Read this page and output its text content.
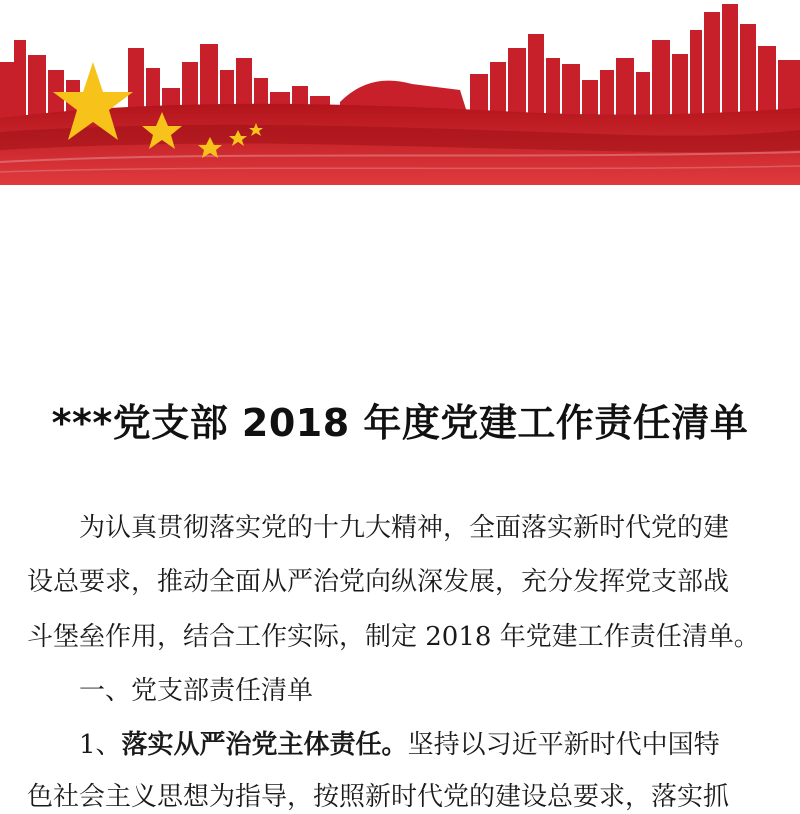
***党支部 2018 年度党建工作责任清单
为认真贯彻落实党的十九大精神，全面落实新时代党的建
设总要求，推动全面从严治党向纵深发展，充分发挥党支部战
斗堡垒作用，结合工作实际，制定 2018 年党建工作责任清单。
一、党支部责任清单
1、落实从严治党主体责任。坚持以习近平新时代中国特
色社会主义思想为指导，按照新时代党的建设总要求，落实抓
